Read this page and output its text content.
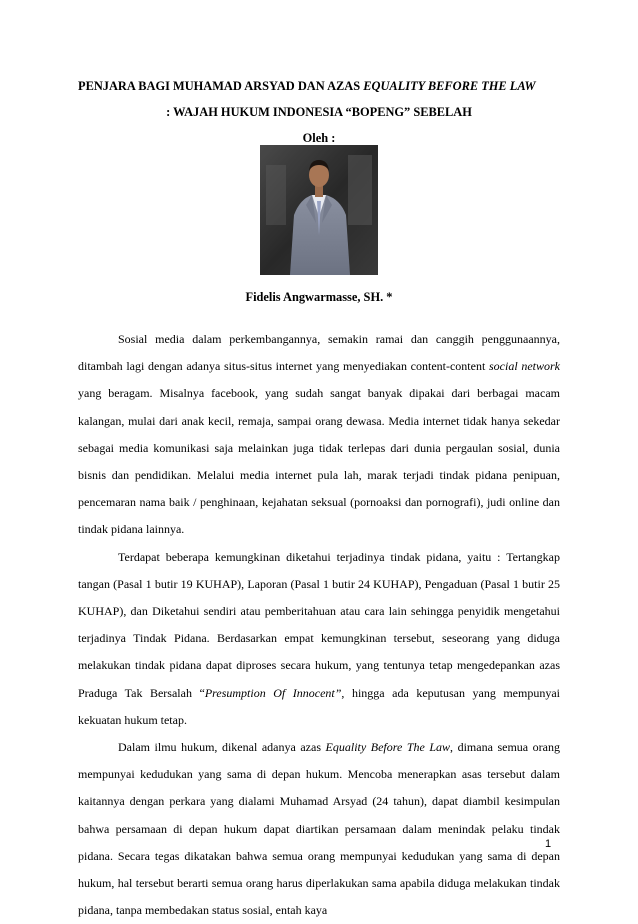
PENJARA BAGI MUHAMAD ARSYAD DAN AZAS EQUALITY BEFORE THE LAW
: WAJAH HUKUM INDONESIA “BOPENG” SEBELAH
Oleh :
Fidelis Angwarmasse, SH. *

Sosial media dalam perkembangannya, semakin ramai dan canggih penggunaannya, ditambah lagi dengan adanya situs-situs internet yang menyediakan content-content social network yang beragam. Misalnya facebook, yang sudah sangat banyak dipakai dari berbagai macam kalangan, mulai dari anak kecil, remaja, sampai orang dewasa. Media internet tidak hanya sekedar sebagai media komunikasi saja melainkan juga tidak terlepas dari dunia pergaulan sosial, dunia bisnis dan pendidikan. Melalui media internet pula lah, marak terjadi tindak pidana penipuan, pencemaran nama baik / penghinaan, kejahatan seksual (pornoaksi dan pornografi), judi online dan tindak pidana lainnya.

Terdapat beberapa kemungkinan diketahui terjadinya tindak pidana, yaitu : Tertangkap tangan (Pasal 1 butir 19 KUHAP), Laporan (Pasal 1 butir 24 KUHAP), Pengaduan (Pasal 1 butir 25 KUHAP), dan Diketahui sendiri atau pemberitahuan atau cara lain sehingga penyidik mengetahui terjadinya Tindak Pidana. Berdasarkan empat kemungkinan tersebut, seseorang yang diduga melakukan tindak pidana dapat diproses secara hukum, yang tentunya tetap mengedepankan azas Praduga Tak Bersalah “Presumption Of Innocent”, hingga ada keputusan yang mempunyai kekuatan hukum tetap.

Dalam ilmu hukum, dikenal adanya azas Equality Before The Law, dimana semua orang mempunyai kedudukan yang sama di depan hukum. Mencoba menerapkan asas tersebut dalam kaitannya dengan perkara yang dialami Muhamad Arsyad (24 tahun), dapat diambil kesimpulan bahwa persamaan di depan hukum dapat diartikan persamaan dalam menindak pelaku tindak pidana. Secara tegas dikatakan bahwa semua orang mempunyai kedudukan yang sama di depan hukum, hal tersebut berarti semua orang harus diperlakukan sama apabila diduga melakukan tindak pidana, tanpa membedakan status sosial, entah kaya

1
